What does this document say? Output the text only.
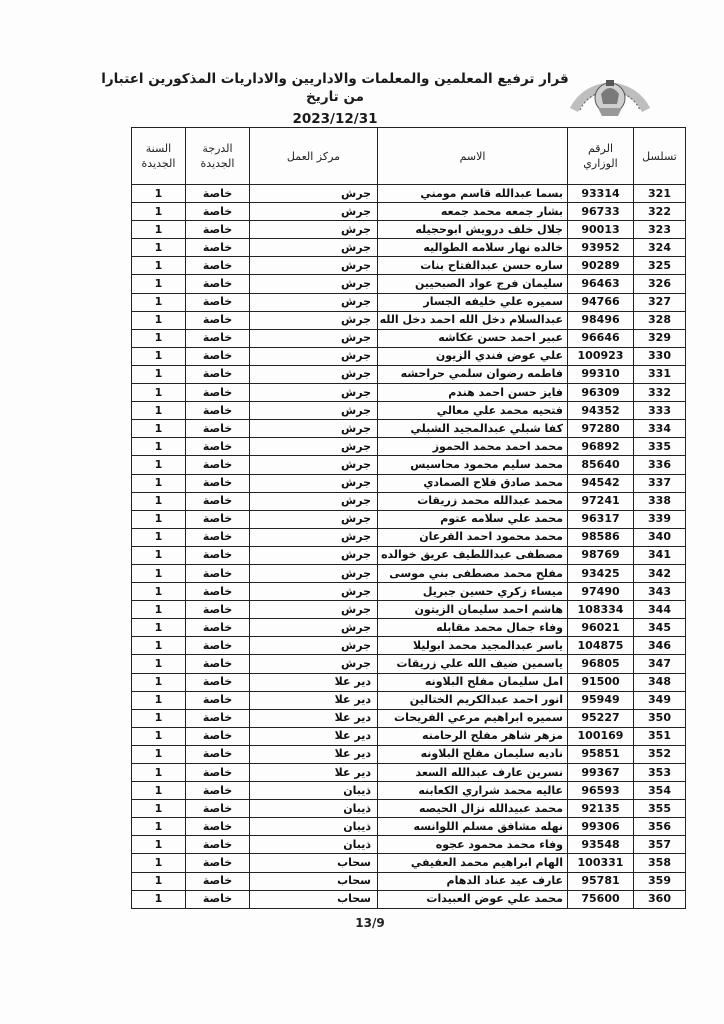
قرار ترفيع المعلمين والمعلمات والاداريين والاداريات المذكورين اعتبارا من تاريخ
2023/12/31
تسلسل	الرقم الوزاري	الاسم	مركز العمل	الدرجة الجديدة	السنة الجديدة
321	93314	بسما عبدالله قاسم مومني	جرش	خاصة	1
322	96733	بشار جمعه محمد جمعه	جرش	خاصة	1
323	90013	جلال خلف درويش ابوحجيله	جرش	خاصة	1
324	93952	خالده نهار سلامه الطواليه	جرش	خاصة	1
325	90289	ساره حسن عبدالفتاح بنات	جرش	خاصة	1
326	96463	سليمان فرج عواد الصبحيين	جرش	خاصة	1
327	94766	سميره علي خليفه الجسار	جرش	خاصة	1
328	98496	عبدالسلام دخل الله احمد دخل الله	جرش	خاصة	1
329	96646	عبير احمد حسن عكاشه	جرش	خاصة	1
330	100923	علي عوض فندي الزيون	جرش	خاصة	1
331	99310	فاطمه رضوان سلمي حراحشه	جرش	خاصة	1
332	96309	فايز حسن احمد هندم	جرش	خاصة	1
333	94352	فتحيه محمد علي معالي	جرش	خاصة	1
334	97280	كفا شبلي عبدالمجيد الشبلي	جرش	خاصة	1
335	96892	محمد احمد محمد الحموز	جرش	خاصة	1
336	85640	محمد سليم محمود محاسيس	جرش	خاصة	1
337	94542	محمد صادق فلاح الصمادي	جرش	خاصة	1
338	97241	محمد عبدالله محمد زريقات	جرش	خاصة	1
339	96317	محمد علي سلامه عتوم	جرش	خاصة	1
340	98586	محمد محمود احمد القرعان	جرش	خاصة	1
341	98769	مصطفى عبداللطيف عريق خوالده	جرش	خاصة	1
342	93425	مفلح محمد مصطفى بني موسى	جرش	خاصة	1
343	97490	ميساء زكري حسين جبريل	جرش	خاصة	1
344	108334	هاشم احمد سليمان الزيتون	جرش	خاصة	1
345	96021	وفاء جمال محمد مقابله	جرش	خاصة	1
346	104875	ياسر عبدالمجيد محمد ابوليلا	جرش	خاصة	1
347	96805	ياسمين ضيف الله علي زريقات	جرش	خاصة	1
348	91500	امل سليمان مفلح البلاونه	دير علا	خاصة	1
349	95949	انور احمد عبدالكريم الختالين	دير علا	خاصة	1
350	95227	سميره ابراهيم مرعي الفريحات	دير علا	خاصة	1
351	100169	مزهر شاهر مفلح الرحامنه	دير علا	خاصة	1
352	95851	ناديه سليمان مفلح البلاونه	دير علا	خاصة	1
353	99367	نسرين عارف عبدالله السعد	دير علا	خاصة	1
354	96593	عاليه محمد شراري الكعابنه	ذيبان	خاصة	1
355	92135	محمد عبيدالله نزال الحيصه	ذيبان	خاصة	1
356	99306	نهله مشافق مسلم اللوانسه	ذيبان	خاصة	1
357	93548	وفاء محمد محمود عجوه	ذيبان	خاصة	1
358	100331	الهام ابراهيم محمد العفيفي	سحاب	خاصة	1
359	95781	عارف عيد عناد الدهام	سحاب	خاصة	1
360	75600	محمد علي عوض العبيدات	سحاب	خاصة	1
13/9
